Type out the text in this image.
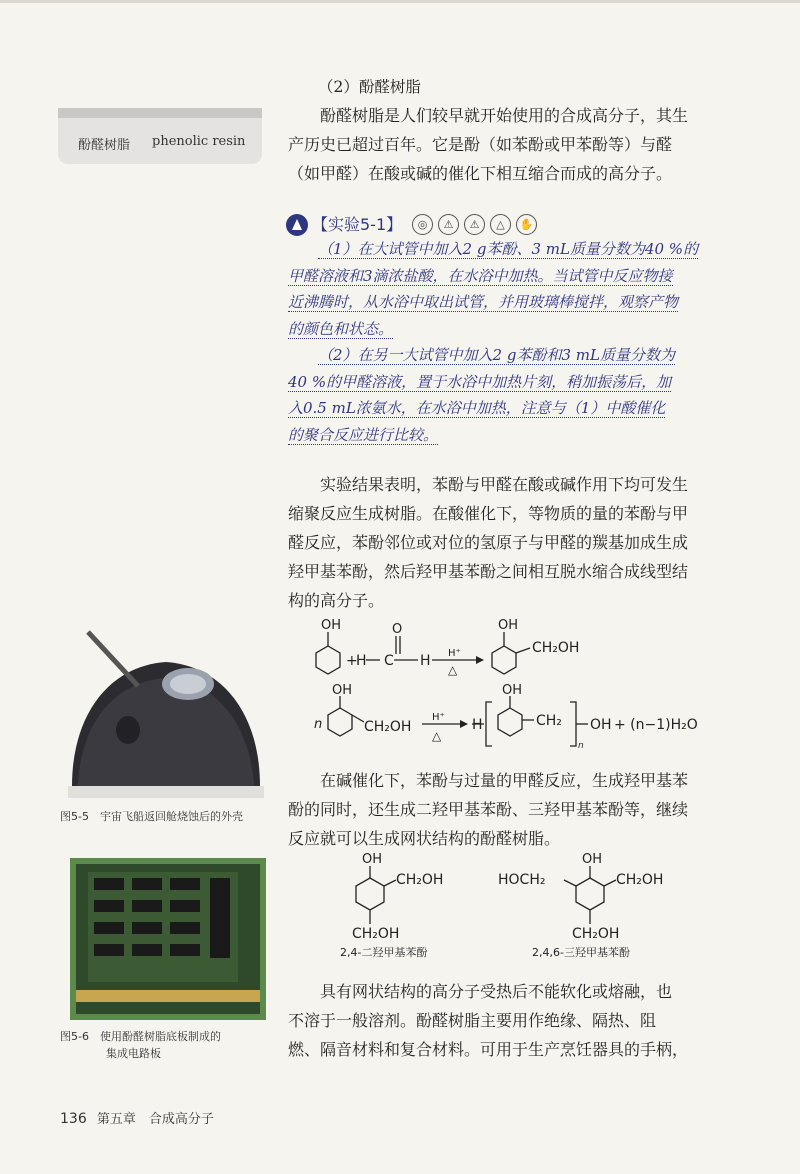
酚醛树脂 phenolic resin
（2）酚醛树脂

酚醛树脂是人们较早就开始使用的合成高分子，其生

产历史已超过百年。它是酚（如苯酚或甲苯酚等）与醛

（如甲醛）在酸或碱的催化下相互缩合而成的高分子。

【实验5-1】	◎	⚠	⚠	△	✋

（1）在大试管中加入2 g苯酚、3 mL质量分数为40 %的

甲醛溶液和3滴浓盐酸，在水浴中加热。当试管中反应物接

近沸腾时，从水浴中取出试管，并用玻璃棒搅拌，观察产物

的颜色和状态。

（2）在另一大试管中加入2 g苯酚和3 mL质量分数为

40 %的甲醛溶液，置于水浴中加热片刻，稍加振荡后，加

入0.5 mL浓氨水，在水浴中加热，注意与（1）中酸催化

的聚合反应进行比较。

实验结果表明，苯酚与甲醛在酸或碱作用下均可发生

缩聚反应生成树脂。在酸催化下，等物质的量的苯酚与甲

醛反应，苯酚邻位或对位的氢原子与甲醛的羰基加成生成

羟甲基苯酚，然后羟甲基苯酚之间相互脱水缩合成线型结

构的高分子。

OH
+
H
O
C H H⁺
△
OH
CH₂OH
n
OH
CH₂OH
H⁺
△
H
OH
CH₂
n
OH + (n−1)H₂O

在碱催化下，苯酚与过量的甲醛反应，生成羟甲基苯

酚的同时，还生成二羟甲基苯酚、三羟甲基苯酚等，继续

反应就可以生成网状结构的酚醛树脂。

OH
CH₂OH
CH₂OH
2,4-二羟甲基苯酚
OH
HOCH₂	CH₂OH
CH₂OH
2,4,6-三羟甲基苯酚

具有网状结构的高分子受热后不能软化或熔融，也

不溶于一般溶剂。酚醛树脂主要用作绝缘、隔热、阻

燃、隔音材料和复合材料。可用于生产烹饪器具的手柄，

图5-5　宇宙飞船返回舱烧蚀后的外壳
图5-6　使用酚醛树脂底板制成的
集成电路板
136 第五章　合成高分子
